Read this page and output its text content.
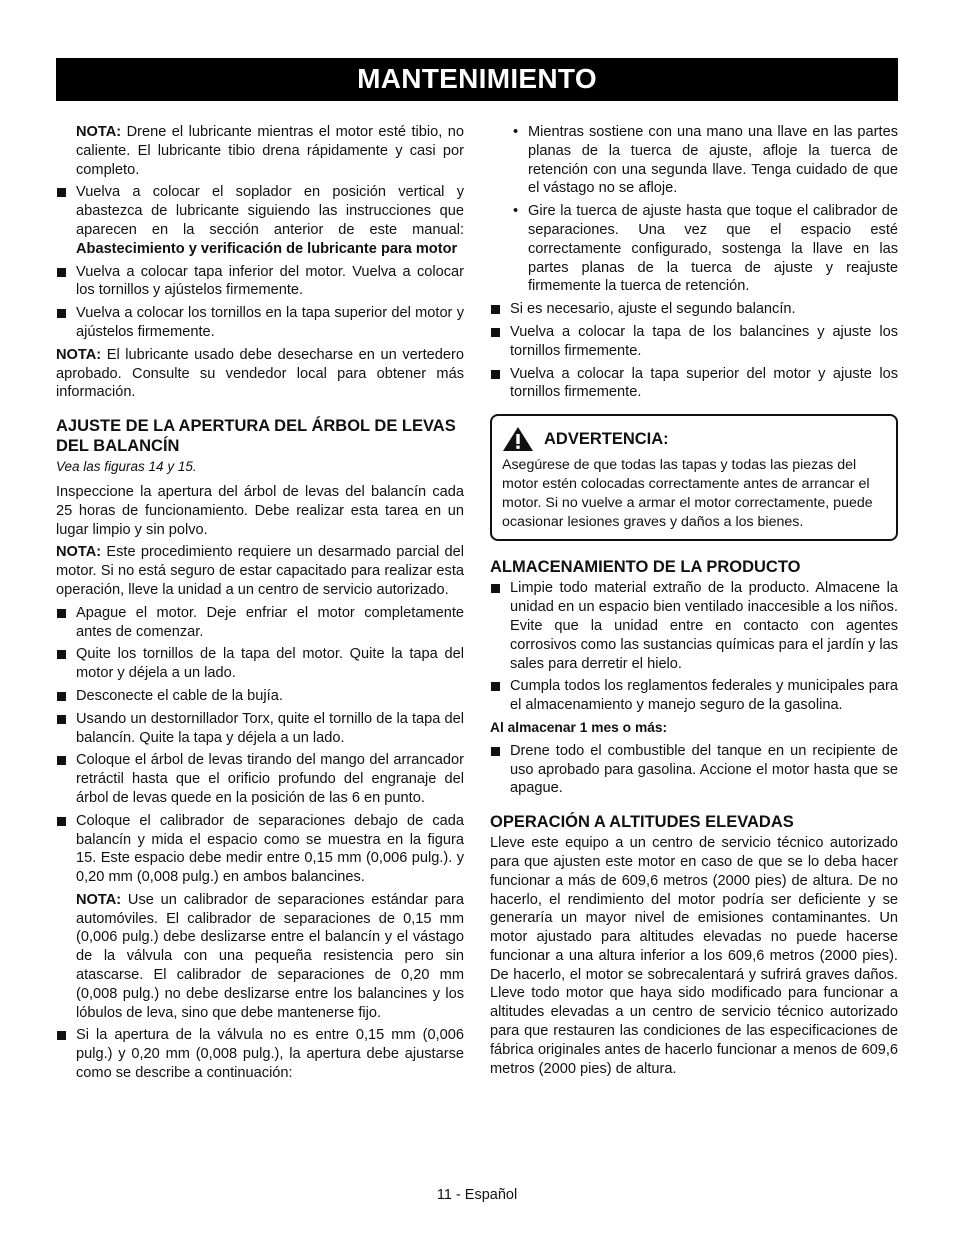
MANTENIMIENTO

NOTA: Drene el lubricante mientras el motor esté tibio, no caliente. El lubricante tibio drena rápidamente y casi por completo.

Vuelva a colocar el soplador en posición vertical y abastezca de lubricante siguiendo las instrucciones que aparecen en la sección anterior de este manual: Abastecimiento y verificación de lubricante para motor
Vuelva a colocar tapa inferior del motor. Vuelva a colocar los tornillos y ajústelos firmemente.
Vuelva a colocar los tornillos en la tapa superior del motor y ajústelos firmemente.

NOTA: El lubricante usado debe desecharse en un vertedero aprobado. Consulte su vendedor local para obtener más información.

AJUSTE DE LA APERTURA DEL ÁRBOL DE LEVAS DEL BALANCÍN
Vea las figuras 14 y 15.

Inspeccione la apertura del árbol de levas del balancín cada 25 horas de funcionamiento. Debe realizar esta tarea en un lugar limpio y sin polvo.

NOTA: Este procedimiento requiere un desarmado parcial del motor. Si no está seguro de estar capacitado para realizar esta operación, lleve la unidad a un centro de servicio autorizado.

Apague el motor. Deje enfriar el motor completamente antes de comenzar.
Quite los tornillos de la tapa del motor. Quite la tapa del motor y déjela a un lado.
Desconecte el cable de la bujía.
Usando un destornillador Torx, quite el tornillo de la tapa del balancín. Quite la tapa y déjela a un lado.
Coloque el árbol de levas tirando del mango del arrancador retráctil hasta que el orificio profundo del engranaje del árbol de levas quede en la posición de las 6 en punto.
Coloque el calibrador de separaciones debajo de cada balancín y mida el espacio como se muestra en la figura 15. Este espacio debe medir entre 0,15 mm (0,006 pulg.). y 0,20 mm (0,008 pulg.) en ambos balancines.

NOTA: Use un calibrador de separaciones estándar para automóviles. El calibrador de separaciones de 0,15 mm (0,006 pulg.) debe deslizarse entre el balancín y el vástago de la válvula con una pequeña resistencia pero sin atascarse. El calibrador de separaciones de 0,20 mm (0,008 pulg.) no debe deslizarse entre los balancines y los lóbulos de leva, sino que debe mantenerse fijo.

Si la apertura de la válvula no es entre 0,15 mm (0,006 pulg.) y 0,20 mm (0,008 pulg.), la apertura debe ajustarse como se describe a continuación:
• Mientras sostiene con una mano una llave en las partes planas de la tuerca de ajuste, afloje la tuerca de retención con una segunda llave. Tenga cuidado de que el vástago no se afloje.
• Gire la tuerca de ajuste hasta que toque el calibrador de separaciones. Una vez que el espacio esté correctamente configurado, sostenga la llave en las partes planas de la tuerca de ajuste y reajuste firmemente la tuerca de retención.
Si es necesario, ajuste el segundo balancín.
Vuelva a colocar la tapa de los balancines y ajuste los tornillos firmemente.
Vuelva a colocar la tapa superior del motor y ajuste los tornillos firmemente.
ADVERTENCIA:

Asegúrese de que todas las tapas y todas las piezas del motor estén colocadas correctamente antes de arrancar el motor. Si no vuelve a armar el motor correctamente, puede ocasionar lesiones graves y daños a los bienes.

ALMACENAMIENTO DE LA PRODUCTO
Limpie todo material extraño de la producto. Almacene la unidad en un espacio bien ventilado inaccesible a los niños. Evite que la unidad entre en contacto con agentes corrosivos como las sustancias químicas para el jardín y las sales para derretir el hielo.
Cumpla todos los reglamentos federales y municipales para el almacenamiento y manejo seguro de la gasolina.
Al almacenar 1 mes o más:
Drene todo el combustible del tanque en un recipiente de uso aprobado para gasolina. Accione el motor hasta que se apague.
OPERACIÓN A ALTITUDES ELEVADAS

Lleve este equipo a un centro de servicio técnico autorizado para que ajusten este motor en caso de que se lo deba hacer funcionar a más de 609,6 metros (2000 pies) de altura. De no hacerlo, el rendimiento del motor podría ser deficiente y se generaría un mayor nivel de emisiones contaminantes. Un motor ajustado para altitudes elevadas no puede hacerse funcionar a una altura inferior a los 609,6 metros (2000 pies). De hacerlo, el motor se sobrecalentará y sufrirá graves daños. Lleve todo motor que haya sido modificado para funcionar a altitudes elevadas a un centro de servicio técnico autorizado para que restauren las condiciones de las especificaciones de fábrica originales antes de hacerlo funcionar a menos de 609,6 metros (2000 pies) de altura.

11 - Español
